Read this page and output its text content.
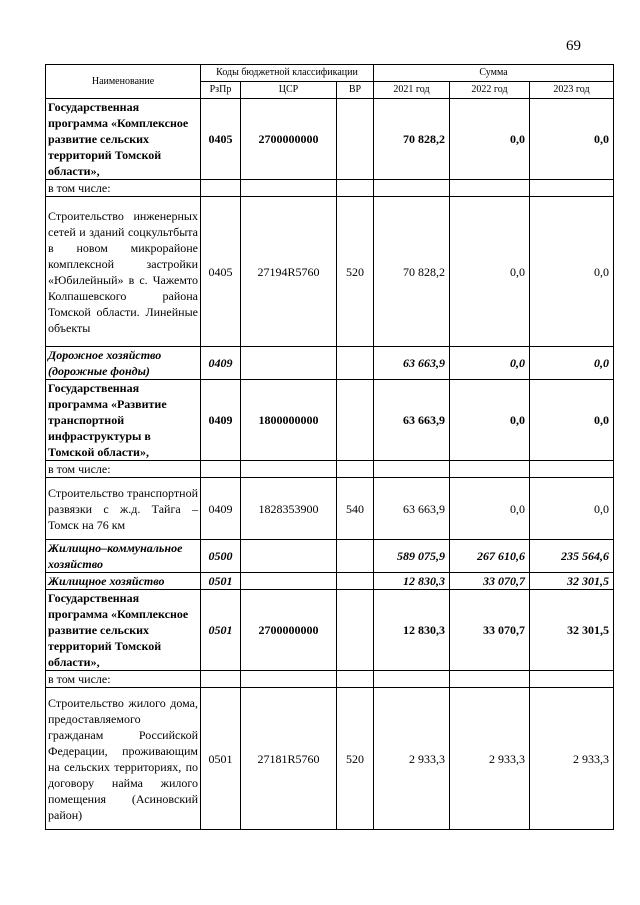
69
Наименование	Коды бюджетной классификации			Сумма		
	РзПр	ЦСР	ВР	2021 год	2022 год	2023 год
Государственная программа «Комплексное развитие сельских территорий Томской области»,	0405	2700000000		70 828,2	0,0	0,0
в том числе:						
Строительство инженерных сетей и зданий соцкультбыта в новом микрорайоне комплексной застройки «Юбилейный» в с. Чажемто Колпашевского района Томской области. Линейные объекты	0405	27194R5760	520	70 828,2	0,0	0,0
Дорожное хозяйство (дорожные фонды)	0409			63 663,9	0,0	0,0
Государственная программа «Развитие транспортной инфраструктуры в Томской области»,	0409	1800000000		63 663,9	0,0	0,0
в том числе:						
Строительство транспортной развязки с ж.д. Тайга – Томск на 76 км	0409	1828353900	540	63 663,9	0,0	0,0
Жилищно–коммунальное хозяйство	0500			589 075,9	267 610,6	235 564,6
Жилищное хозяйство	0501			12 830,3	33 070,7	32 301,5
Государственная программа «Комплексное развитие сельских территорий Томской области»,	0501	2700000000		12 830,3	33 070,7	32 301,5
в том числе:						
Строительство жилого дома, предоставляемого гражданам Российской Федерации, проживающим на сельских территориях, по договору найма жилого помещения (Асиновский район)	0501	27181R5760	520	2 933,3	2 933,3	2 933,3
